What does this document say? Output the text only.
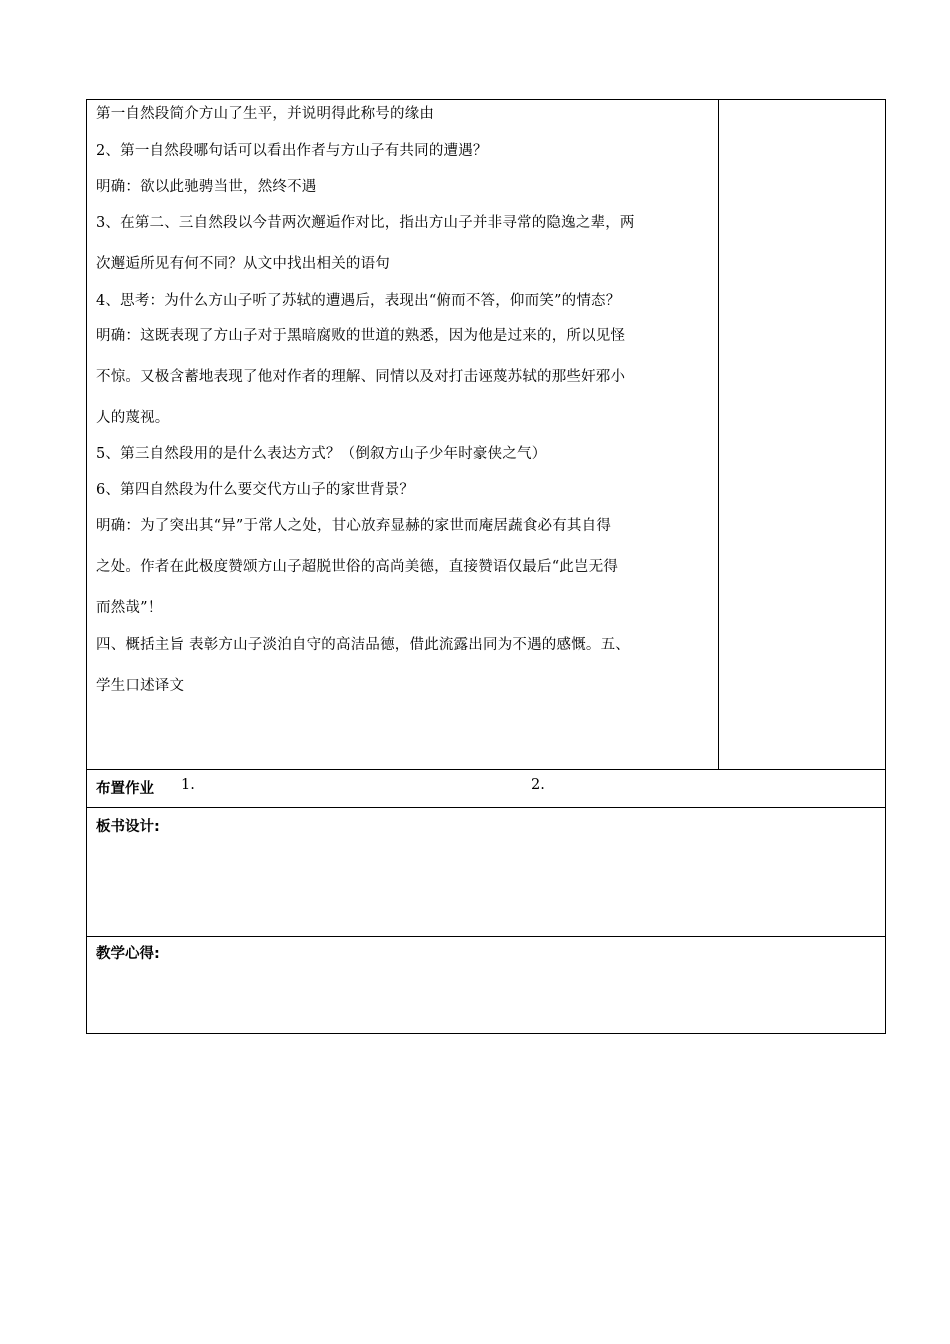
第一自然段简介方山了生平，并说明得此称号的缘由
2、第一自然段哪句话可以看出作者与方山子有共同的遭遇？
明确：欲以此驰骋当世，然终不遇
3、在第二、三自然段以今昔两次邂逅作对比，指出方山子并非寻常的隐逸之辈，两
次邂逅所见有何不同？从文中找出相关的语句
4、思考：为什么方山子听了苏轼的遭遇后，表现出“俯而不答，仰而笑”的情态？
明确：这既表现了方山子对于黑暗腐败的世道的熟悉，因为他是过来的，所以见怪
不惊。又极含蓄地表现了他对作者的理解、同情以及对打击诬蔑苏轼的那些奸邪小
人的蔑视。
5、第三自然段用的是什么表达方式？（倒叙方山子少年时豪侠之气）
6、第四自然段为什么要交代方山子的家世背景？
明确：为了突出其“异”于常人之处，甘心放弃显赫的家世而庵居蔬食必有其自得
之处。作者在此极度赞颂方山子超脱世俗的高尚美德，直接赞语仅最后“此岂无得
而然哉”！
四、概括主旨 表彰方山子淡泊自守的高洁品德，借此流露出同为不遇的感慨。五、
学生口述译文
布置作业 1.	2.
板书设计:
教学心得:
